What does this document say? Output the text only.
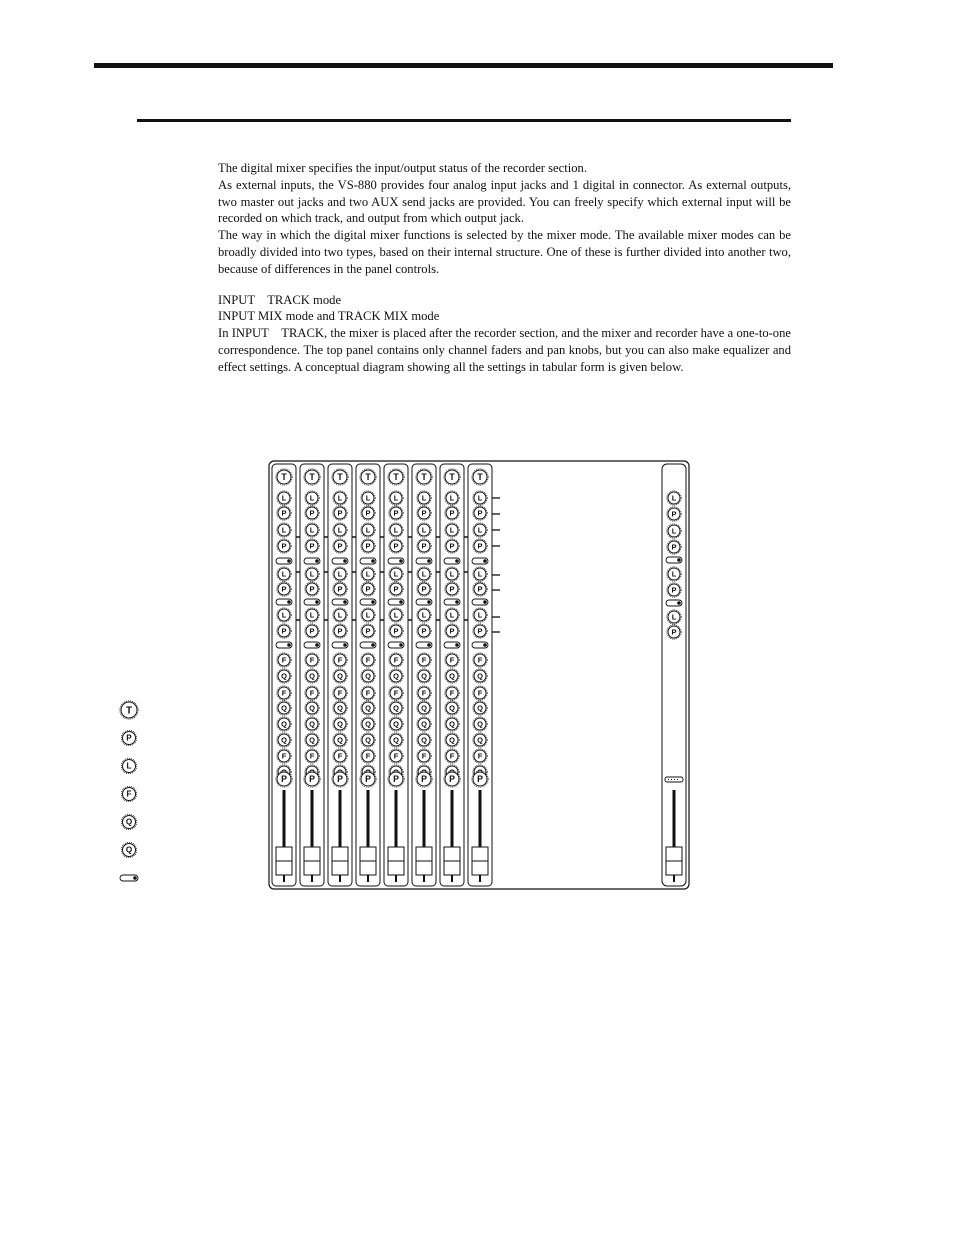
The digital mixer specifies the input/output status of the recorder section.

As external inputs, the VS-880 provides four analog input jacks and 1 digital in connector. As external outputs, two master out jacks and two AUX send jacks are provided. You can freely specify which external input will be recorded on which track, and output from which output jack.

The way in which the digital mixer functions is selected by the mixer mode. The available mixer modes can be broadly divided into two types, based on their internal structure. One of these is further divided into another two, because of differences in the panel controls.

INPUT    TRACK mode
INPUT MIX mode and TRACK MIX mode

In INPUT    TRACK, the mixer is placed after the recorder section, and the mixer and recorder have a one-to-one correspondence. The top panel contains only channel faders and pan knobs, but you can also make equalizer and effect settings. A conceptual diagram showing all the settings in tabular form is given below.

T
P
L
F
Q
Q
T
L
P
L
P
L
P
L
P
F
Q
F
Q
Q
Q
F
P
T
L
P
L
P
L
P
L
P
F
Q
F
Q
Q
Q
F
P
T
L
P
L
P
L
P
L
P
F
Q
F
Q
Q
Q
F
P
T
L
P
L
P
L
P
L
P
F
Q
F
Q
Q
Q
F
P
T
L
P
L
P
L
P
L
P
F
Q
F
Q
Q
Q
F
P
T
L
P
L
P
L
P
L
P
F
Q
F
Q
Q
Q
F
P
T
L
P
L
P
L
P
L
P
F
Q
F
Q
Q
Q
F
P
T
L
P
L
P
L
P
L
P
F
Q
F
Q
Q
Q
F
P
L
P
L
P
L
P
L
P
